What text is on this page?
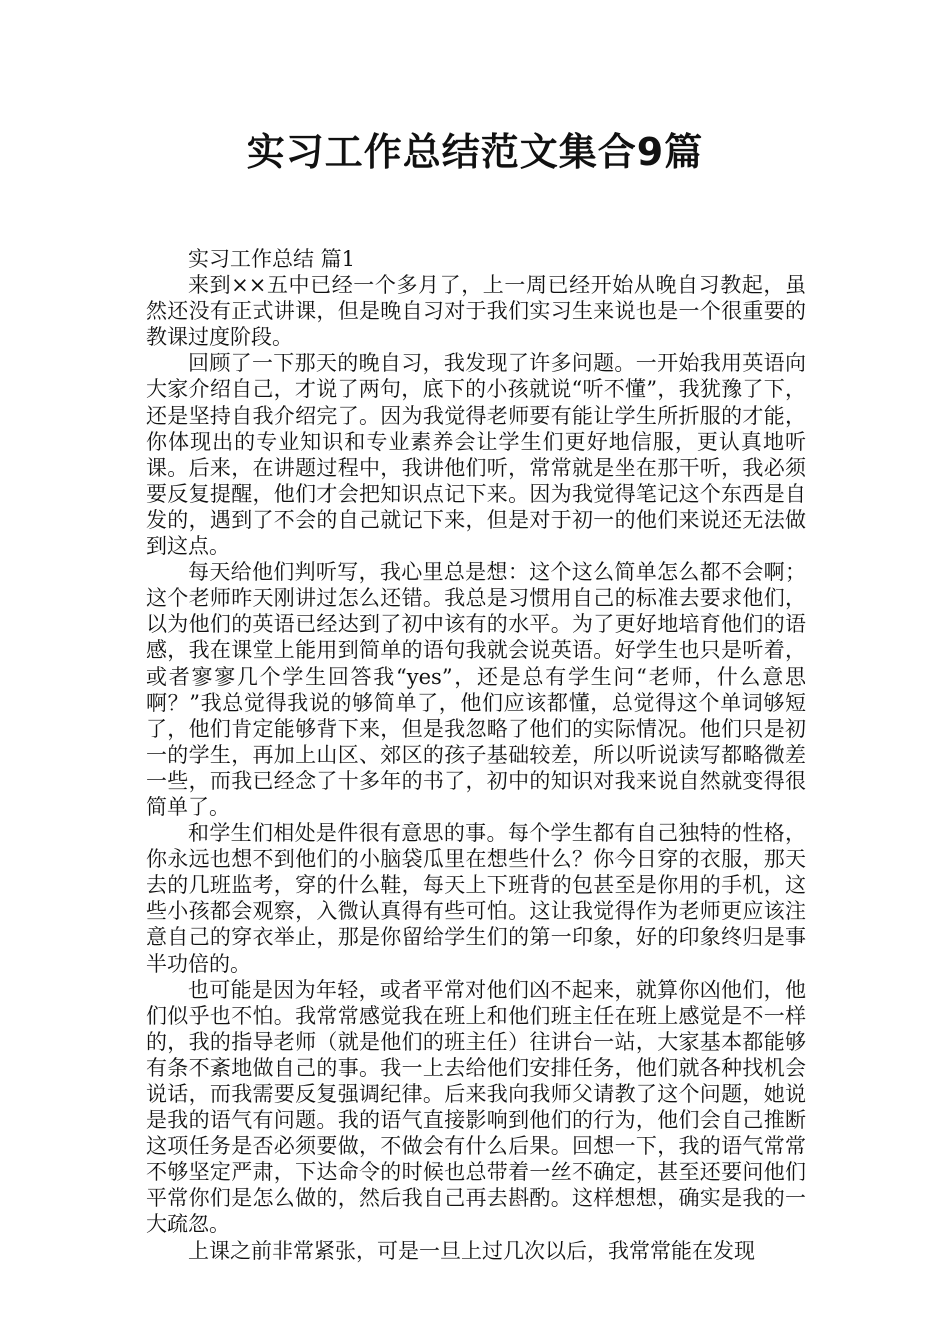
实习工作总结范文集合9篇
实习工作总结 篇1

来到××五中已经一个多月了，上一周已经开始从晚自习教起，虽然还没有正式讲课，但是晚自习对于我们实习生来说也是一个很重要的教课过度阶段。

回顾了一下那天的晚自习，我发现了许多问题。一开始我用英语向大家介绍自己，才说了两句，底下的小孩就说“听不懂”，我犹豫了下，还是坚持自我介绍完了。因为我觉得老师要有能让学生所折服的才能，你体现出的专业知识和专业素养会让学生们更好地信服，更认真地听课。后来，在讲题过程中，我讲他们听，常常就是坐在那干听，我必须要反复提醒，他们才会把知识点记下来。因为我觉得笔记这个东西是自发的，遇到了不会的自己就记下来，但是对于初一的他们来说还无法做到这点。

每天给他们判听写，我心里总是想：这个这么简单怎么都不会啊；这个老师昨天刚讲过怎么还错。我总是习惯用自己的标准去要求他们，以为他们的英语已经达到了初中该有的水平。为了更好地培育他们的语感，我在课堂上能用到简单的语句我就会说英语。好学生也只是听着，或者寥寥几个学生回答我“yes”，还是总有学生问“老师，什么意思啊？”我总觉得我说的够简单了，他们应该都懂，总觉得这个单词够短了，他们肯定能够背下来，但是我忽略了他们的实际情况。他们只是初一的学生，再加上山区、郊区的孩子基础较差，所以听说读写都略微差一些，而我已经念了十多年的书了，初中的知识对我来说自然就变得很简单了。

和学生们相处是件很有意思的事。每个学生都有自己独特的性格，你永远也想不到他们的小脑袋瓜里在想些什么？你今日穿的衣服，那天去的几班监考，穿的什么鞋，每天上下班背的包甚至是你用的手机，这些小孩都会观察，入微认真得有些可怕。这让我觉得作为老师更应该注意自己的穿衣举止，那是你留给学生们的第一印象，好的印象终归是事半功倍的。

也可能是因为年轻，或者平常对他们凶不起来，就算你凶他们，他们似乎也不怕。我常常感觉我在班上和他们班主任在班上感觉是不一样的，我的指导老师（就是他们的班主任）往讲台一站，大家基本都能够有条不紊地做自己的事。我一上去给他们安排任务，他们就各种找机会说话，而我需要反复强调纪律。后来我向我师父请教了这个问题，她说是我的语气有问题。我的语气直接影响到他们的行为，他们会自己推断这项任务是否必须要做，不做会有什么后果。回想一下，我的语气常常不够坚定严肃，下达命令的时候也总带着一丝不确定，甚至还要问他们平常你们是怎么做的，然后我自己再去斟酌。这样想想，确实是我的一大疏忽。

上课之前非常紧张，可是一旦上过几次以后，我常常能在发现
